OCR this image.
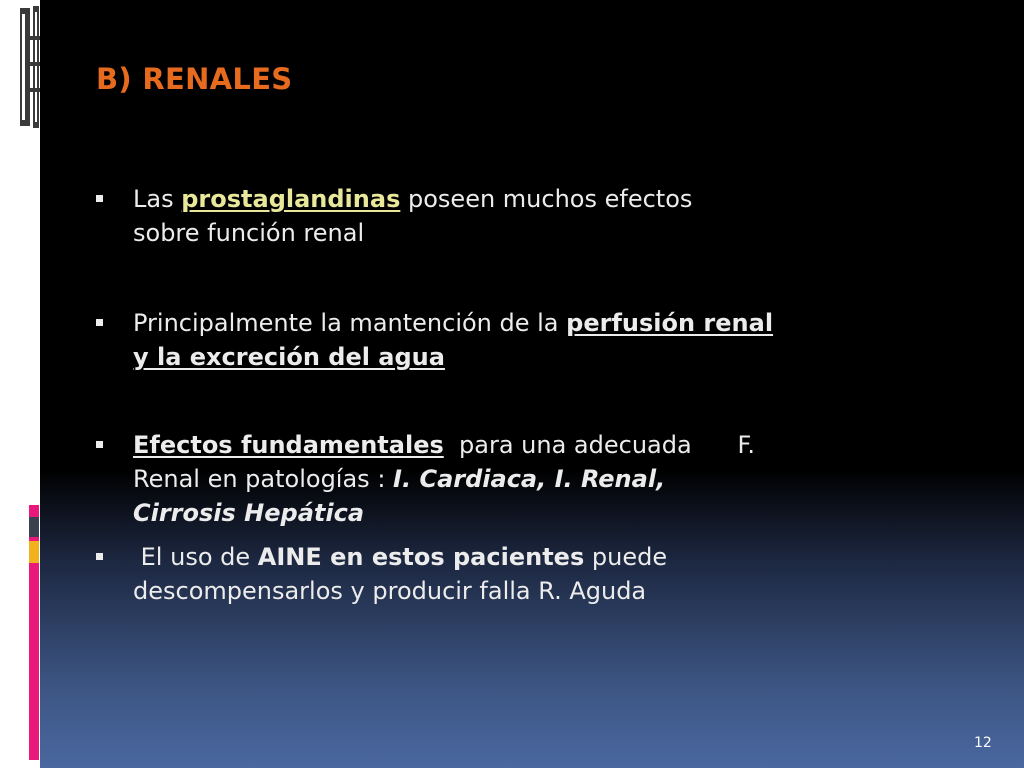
B) RENALES
Las prostaglandinas poseen muchos efectos
sobre función renal
Principalmente la mantención de la perfusión renal
y la excreción del agua
Efectos fundamentales para una adecuada F.
Renal en patologías : I. Cardiaca, I. Renal,
Cirrosis Hepática
El uso de AINE en estos pacientes puede
descompensarlos y producir falla R. Aguda
12
